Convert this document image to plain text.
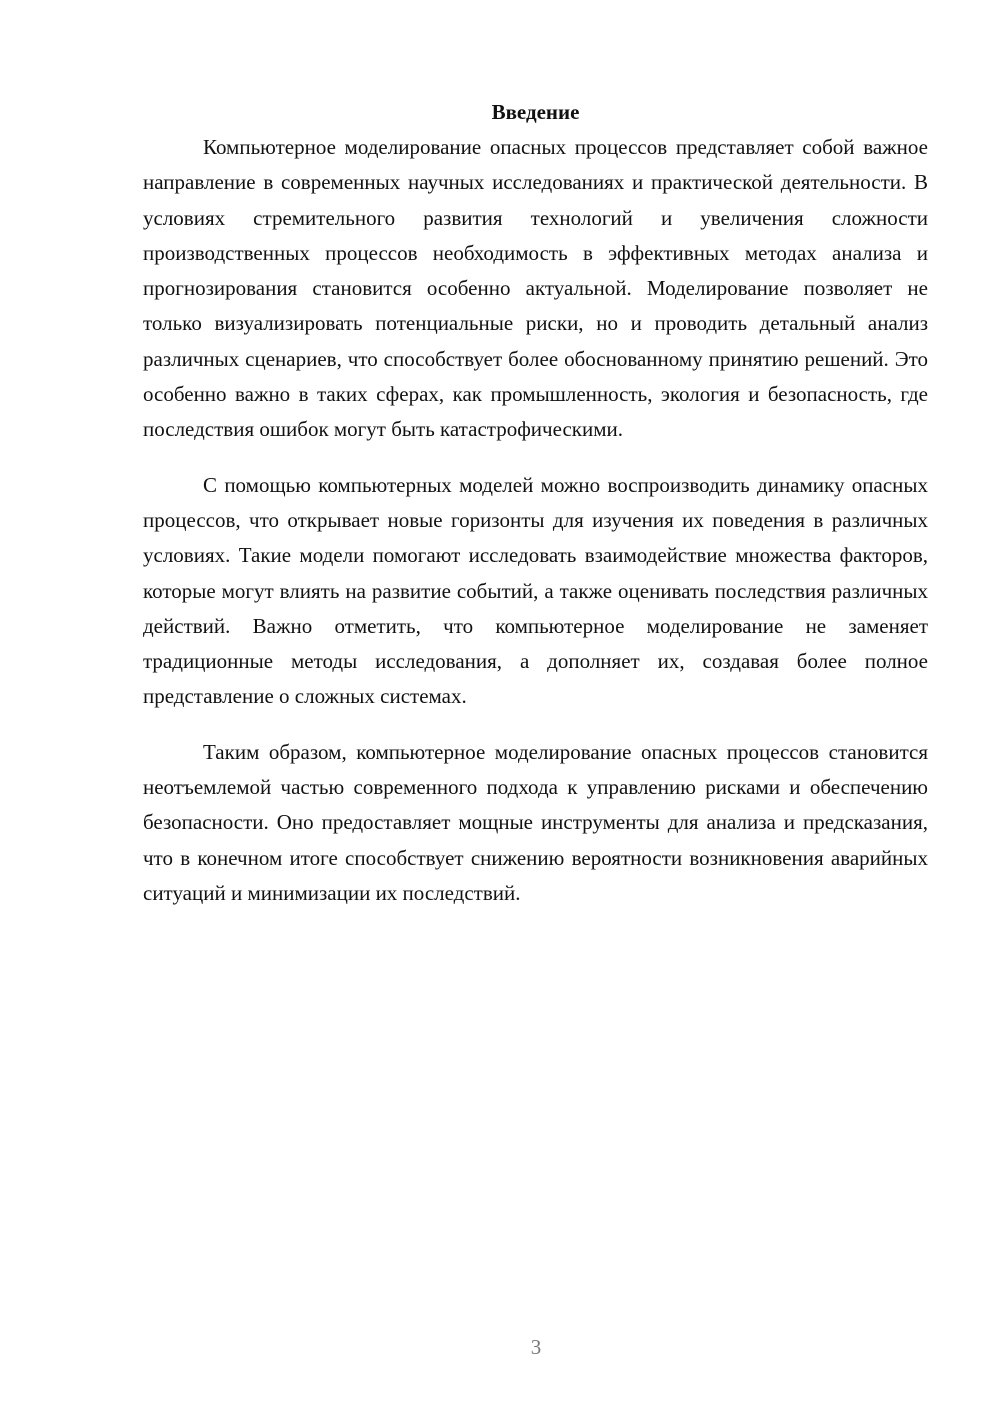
Введение

Компьютерное моделирование опасных процессов представляет собой важное направление в современных научных исследованиях и практической деятельности. В условиях стремительного развития технологий и увеличения сложности производственных процессов необходимость в эффективных методах анализа и прогнозирования становится особенно актуальной. Моделирование позволяет не только визуализировать потенциальные риски, но и проводить детальный анализ различных сценариев, что способствует более обоснованному принятию решений. Это особенно важно в таких сферах, как промышленность, экология и безопасность, где последствия ошибок могут быть катастрофическими.

С помощью компьютерных моделей можно воспроизводить динамику опасных процессов, что открывает новые горизонты для изучения их поведения в различных условиях. Такие модели помогают исследовать взаимодействие множества факторов, которые могут влиять на развитие событий, а также оценивать последствия различных действий. Важно отметить, что компьютерное моделирование не заменяет традиционные методы исследования, а дополняет их, создавая более полное представление о сложных системах.

Таким образом, компьютерное моделирование опасных процессов становится неотъемлемой частью современного подхода к управлению рисками и обеспечению безопасности. Оно предоставляет мощные инструменты для анализа и предсказания, что в конечном итоге способствует снижению вероятности возникновения аварийных ситуаций и минимизации их последствий.

3
